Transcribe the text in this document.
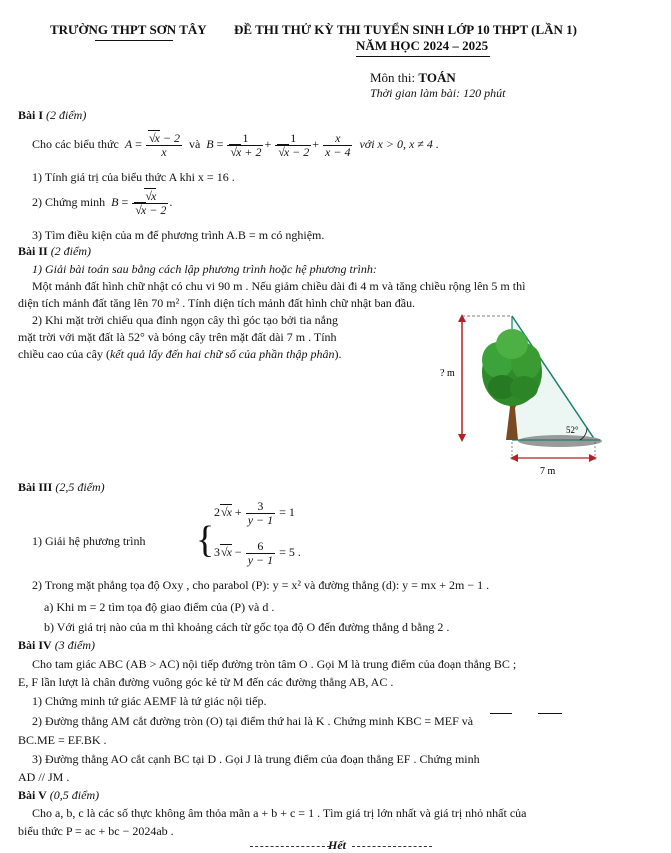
TRƯỜNG THPT SƠN TÂY ĐỀ THI THỬ KỲ THI TUYỂN SINH LỚP 10 THPT (LẦN 1)
NĂM HỌC 2024 – 2025
Môn thi: TOÁN
Thời gian làm bài: 120 phút
Bài I (2 điểm)
Cho các biểu thức A = √ $\frac{x - 2}{x}$ và B = 1
√ x + 2 + 1
√ $x - 2 + \frac{x}{x - 4}$ với x > 0, x ≠ 4 .
1) Tính giá trị của biểu thức A khi x = 16 .
2) Chứng minh B = √ x
√ x − 2 .
3) Tìm điều kiện của m để phương trình A.B = m có nghiệm.
Bài II (2 điểm)
1) Giải bài toán sau bằng cách lập phương trình hoặc hệ phương trình:
Một mảnh đất hình chữ nhật có chu vi 90 m . Nếu giảm chiều dài đi 4 m và tăng chiều rộng lên 5 m thì
diện tích mảnh đất tăng lên 70 m² . Tính diện tích mảnh đất hình chữ nhật ban đầu.
2) Khi mặt trời chiếu qua đỉnh ngọn cây thì góc tạo bởi tia nắng
mặt trời với mặt đất là 52° và bóng cây trên mặt đất dài 7 m . Tính
chiều cao của cây (kết quả lấy đến hai chữ số của phần thập phân).
52°
7 m
? m
Bài III (2,5 điểm)
1) Giải hệ phương trình {
2 √ $x + \frac{3}{y - 1} = 1$
3 √ $x - \frac{6}{y - 1} = 5$ .
2) Trong mặt phẳng tọa độ Oxy , cho parabol (P): y = x² và đường thẳng (d): y = mx + 2m − 1 .
a) Khi m = 2 tìm tọa độ giao điểm của (P) và d .
b) Với giá trị nào của m thì khoảng cách từ gốc tọa độ O đến đường thẳng d bằng 2 .
Bài IV (3 điểm)
Cho tam giác ABC (AB > AC) nội tiếp đường tròn tâm O . Gọi M là trung điểm của đoạn thẳng BC ;
E, F lần lượt là chân đường vuông góc kẻ từ M đến các đường thẳng AB, AC .
1) Chứng minh tứ giác AEMF là tứ giác nội tiếp.
2) Đường thẳng AM cắt đường tròn (O) tại điểm thứ hai là K . Chứng minh KBC = MEF và
BC.ME = EF.BK .
3) Đường thẳng AO cắt cạnh BC tại D . Gọi J là trung điểm của đoạn thẳng EF . Chứng minh
AD // JM .
Bài V (0,5 điểm)
Cho a, b, c là các số thực không âm thỏa mãn a + b + c = 1 . Tìm giá trị lớn nhất và giá trị nhỏ nhất của
biểu thức P = ac + bc − 2024ab .
Hết
